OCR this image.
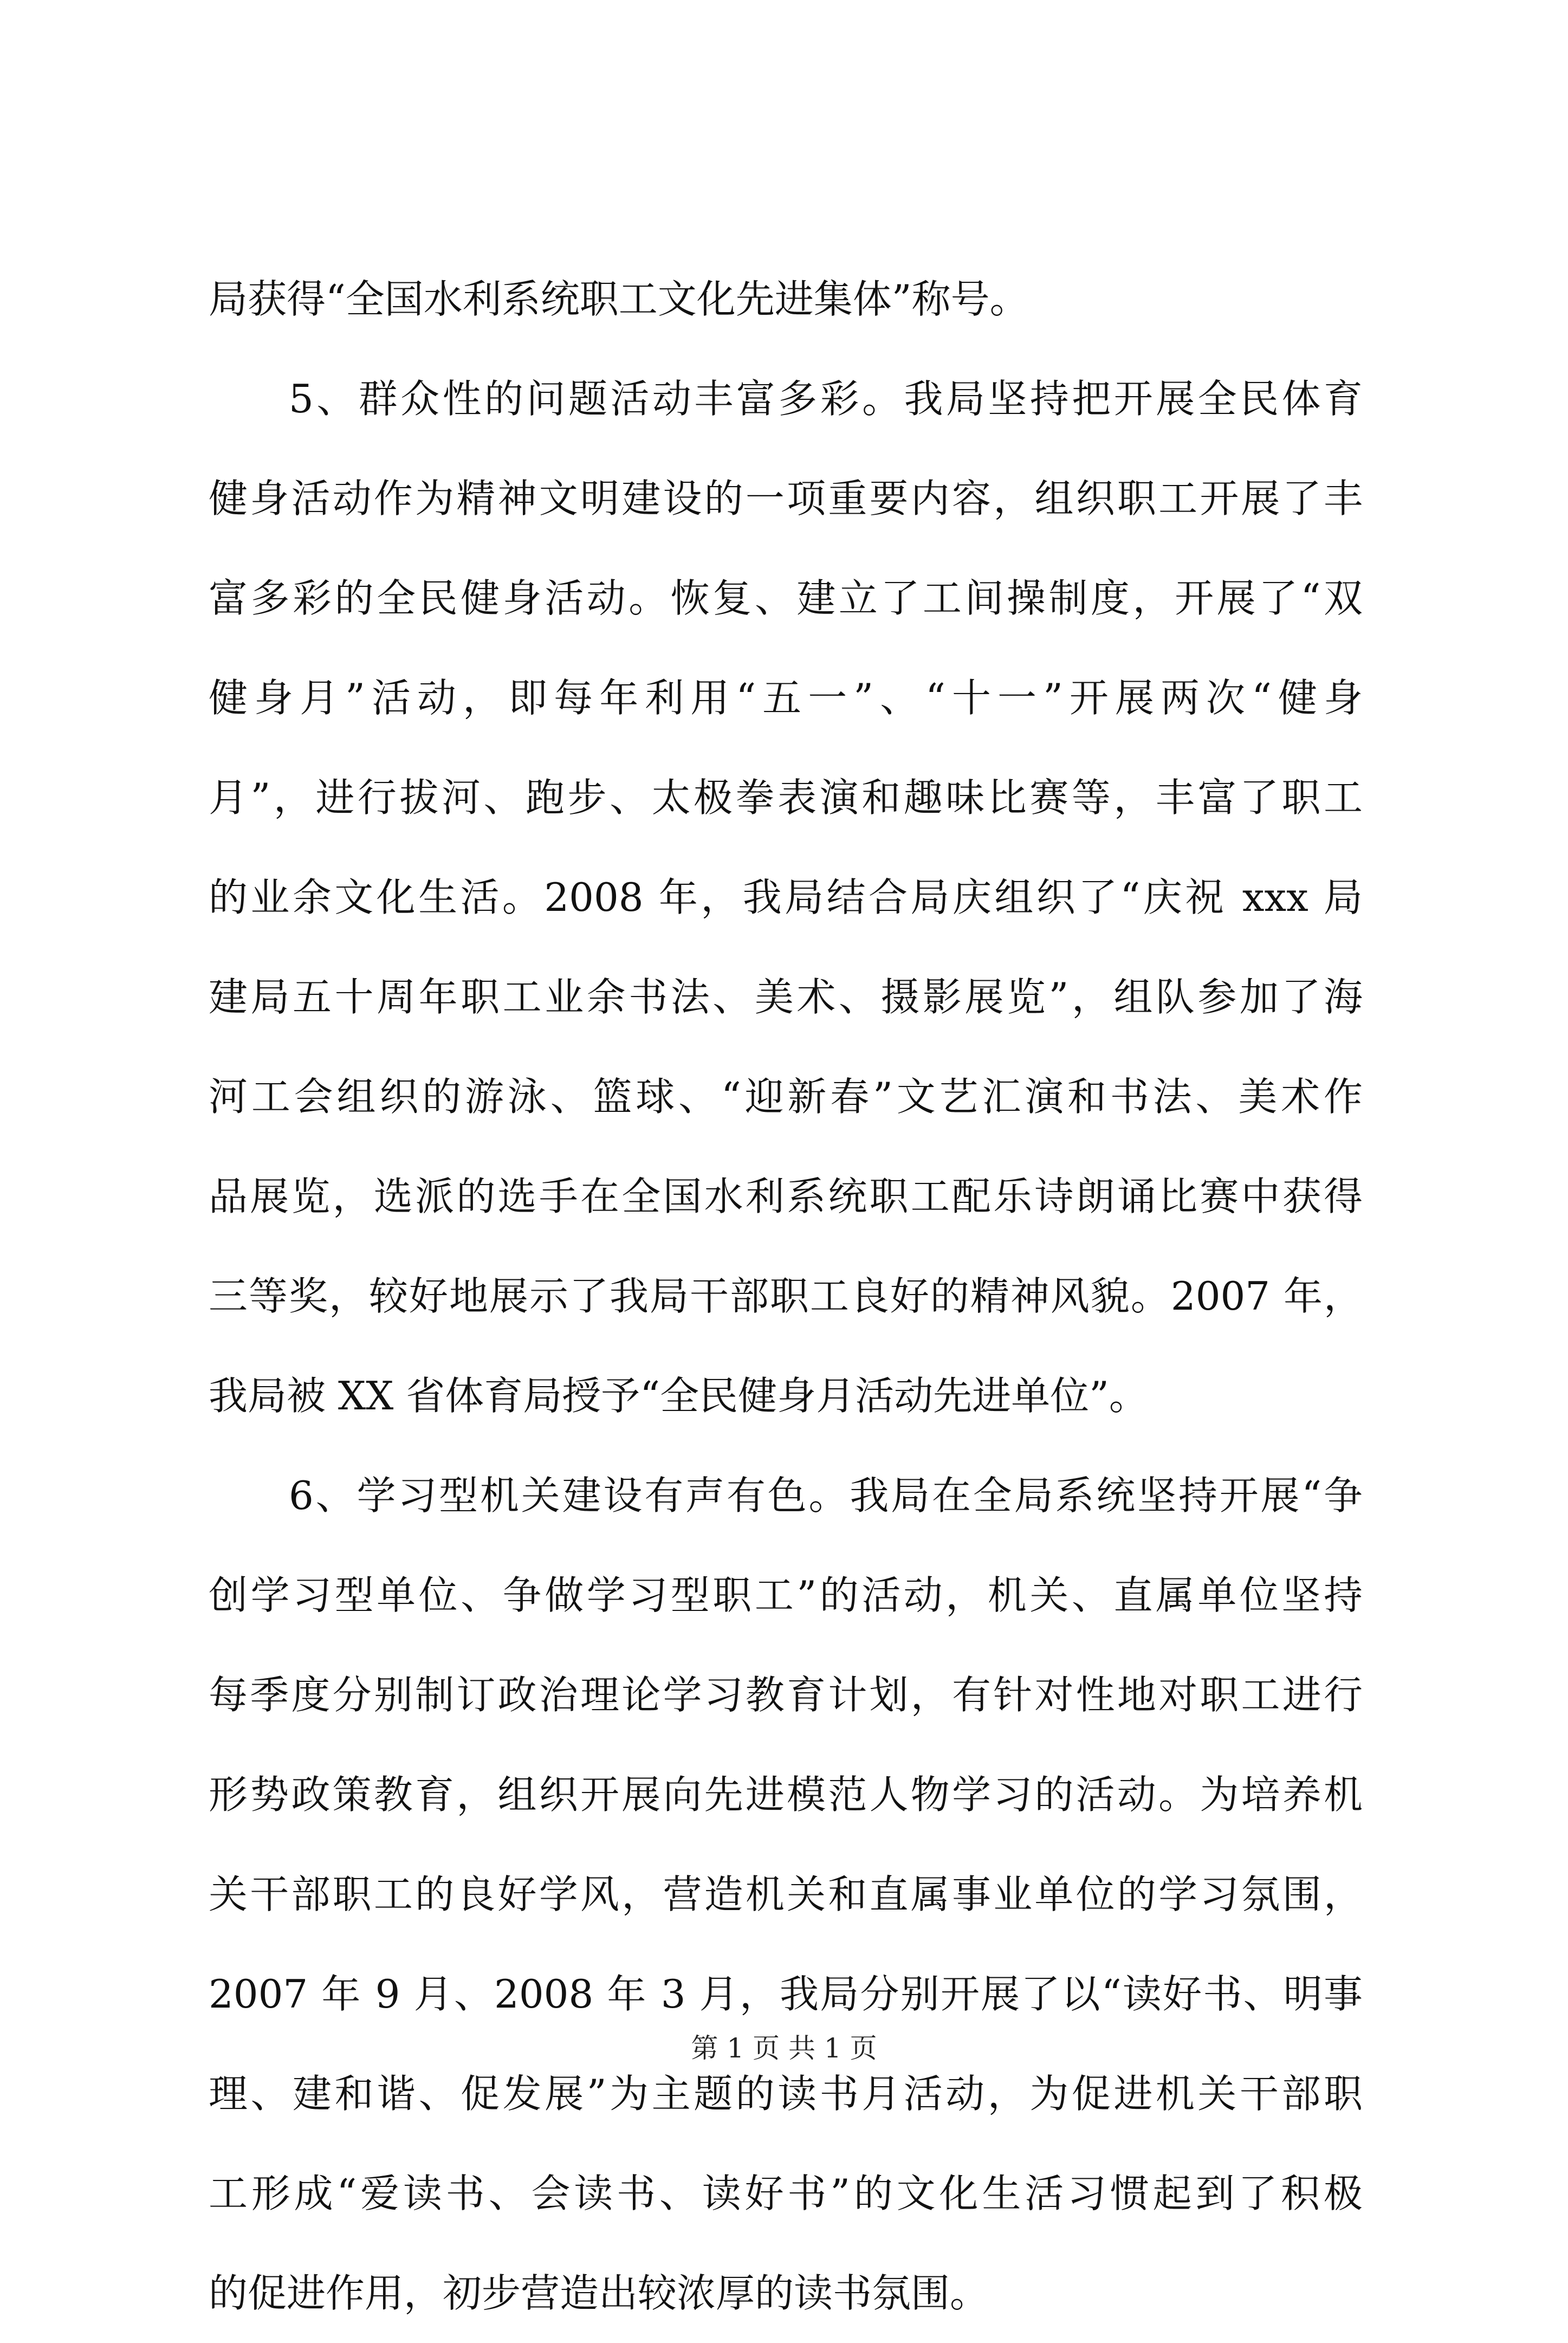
局获得“全国水利系统职工文化先进集体”称号。
5、群众性的问题活动丰富多彩。我局坚持把开展全民体育
健身活动作为精神文明建设的一项重要内容，组织职工开展了丰
富多彩的全民健身活动。恢复、建立了工间操制度，开展了“双
健身月”活动，即每年利用“五一”、“十一”开展两次“健身
月”，进行拔河、跑步、太极拳表演和趣味比赛等，丰富了职工
的业余文化生活。2008 年，我局结合局庆组织了“庆祝 xxx 局
建局五十周年职工业余书法、美术、摄影展览”，组队参加了海
河工会组织的游泳、篮球、“迎新春”文艺汇演和书法、美术作
品展览，选派的选手在全国水利系统职工配乐诗朗诵比赛中获得
三等奖，较好地展示了我局干部职工良好的精神风貌。2007 年，
我局被 XX 省体育局授予“全民健身月活动先进单位”。
6、学习型机关建设有声有色。我局在全局系统坚持开展“争
创学习型单位、争做学习型职工”的活动，机关、直属单位坚持
每季度分别制订政治理论学习教育计划，有针对性地对职工进行
形势政策教育，组织开展向先进模范人物学习的活动。为培养机
关干部职工的良好学风，营造机关和直属事业单位的学习氛围，
2007 年 9 月、2008 年 3 月，我局分别开展了以“读好书、明事
理、建和谐、促发展”为主题的读书月活动，为促进机关干部职
工形成“爱读书、会读书、读好书”的文化生活习惯起到了积极
的促进作用，初步营造出较浓厚的读书氛围。
第 1 页 共 1 页
